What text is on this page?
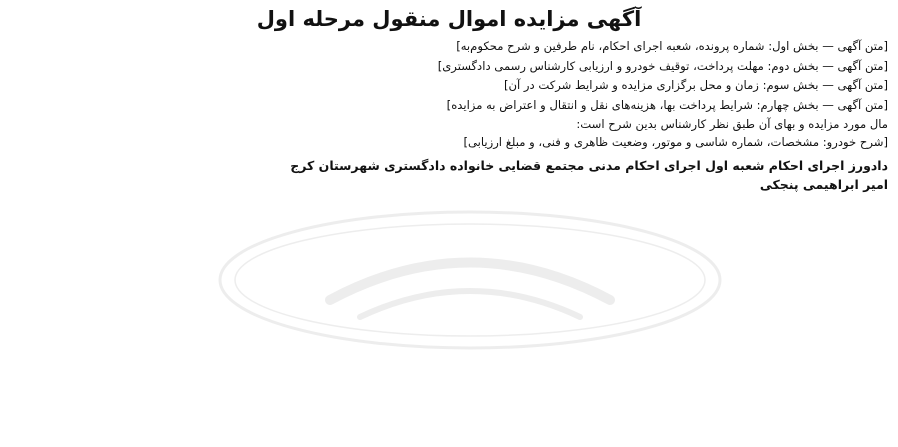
آگهی مزایده اموال منقول مرحله اول

[متن آگهی — بخش اول: شماره پرونده، شعبه اجرای احکام، نام طرفین و شرح محکوم‌به]

[متن آگهی — بخش دوم: مهلت پرداخت، توقیف خودرو و ارزیابی کارشناس رسمی دادگستری]

[متن آگهی — بخش سوم: زمان و محل برگزاری مزایده و شرایط شرکت در آن]

[متن آگهی — بخش چهارم: شرایط پرداخت بها، هزینه‌های نقل و انتقال و اعتراض به مزایده]

مال مورد مزایده و بهای آن طبق نظر کارشناس بدین شرح است:

[شرح خودرو: مشخصات، شماره شاسی و موتور، وضعیت ظاهری و فنی، و مبلغ ارزیابی]

دادورز اجرای احکام شعبه اول اجرای احکام مدنی مجتمع قضایی خانواده دادگستری شهرستان کرج
امیر ابراهیمی پنجکی
